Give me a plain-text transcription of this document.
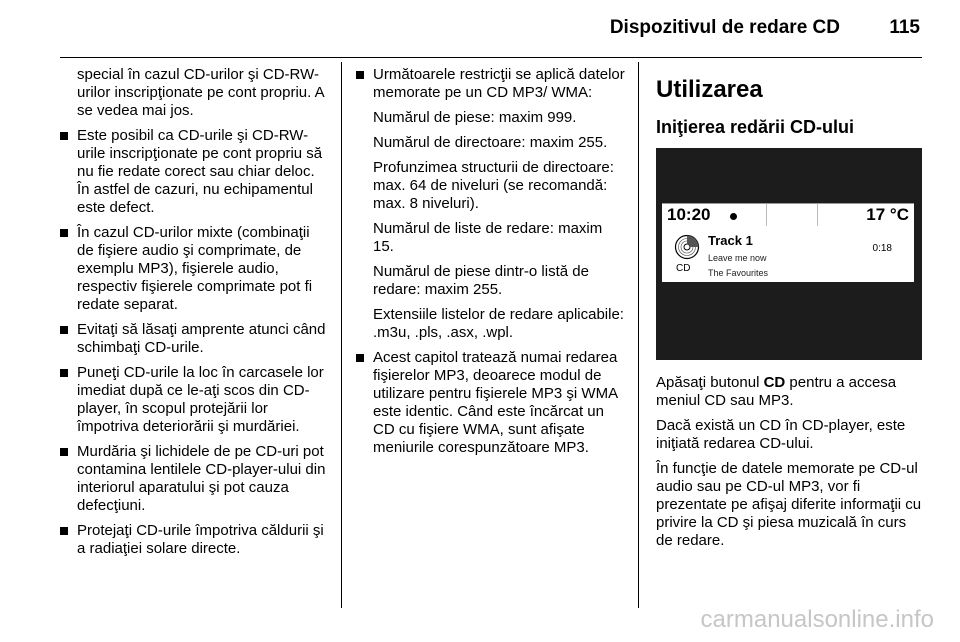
Dispozitivul de redare CD	115

special în cazul CD-urilor şi CD-RW-urilor inscripţionate pe cont propriu. A se vedea mai jos.

Este posibil ca CD-urile şi CD-RW-urile inscripţionate pe cont propriu să nu fie redate corect sau chiar deloc. În astfel de cazuri, nu echipamentul este defect.

În cazul CD-urilor mixte (combinaţii de fişiere audio şi comprimate, de exemplu MP3), fişierele audio, respectiv fişierele comprimate pot fi redate separat.

Evitaţi să lăsaţi amprente atunci când schimbaţi CD-urile.

Puneţi CD-urile la loc în carcasele lor imediat după ce le-aţi scos din CD-player, în scopul protejării lor împotriva deteriorării şi murdăriei.

Murdăria şi lichidele de pe CD-uri pot contamina lentilele CD-player-ului din interiorul aparatului şi pot cauza defecţiuni.

Protejaţi CD-urile împotriva căldurii şi a radiaţiei solare directe.

Următoarele restricţii se aplică datelor memorate pe un CD MP3/ WMA:

Numărul de piese: maxim 999.

Numărul de directoare: maxim 255.

Profunzimea structurii de directoare: max. 64 de niveluri (se recomandă: max. 8 niveluri).

Numărul de liste de redare: maxim 15.

Numărul de piese dintr-o listă de redare: maxim 255.

Extensiile listelor de redare aplicabile: .m3u, .pls, .asx, .wpl.

Acest capitol tratează numai redarea fişierelor MP3, deoarece modul de utilizare pentru fişierele MP3 şi WMA este identic. Când este încărcat un CD cu fişiere WMA, sunt afişate meniurile corespunzătoare MP3.

Utilizarea
Iniţierea redării CD-ului
10:20	17 °C
CD
Track 1
Leave me now
The Favourites
0:18

Apăsaţi butonul CD pentru a accesa meniul CD sau MP3.

Dacă există un CD în CD-player, este iniţiată redarea CD-ului.

În funcţie de datele memorate pe CD-ul audio sau pe CD-ul MP3, vor fi prezentate pe afişaj diferite informaţii cu privire la CD şi piesa muzicală în curs de redare.

carmanualsonline.info
